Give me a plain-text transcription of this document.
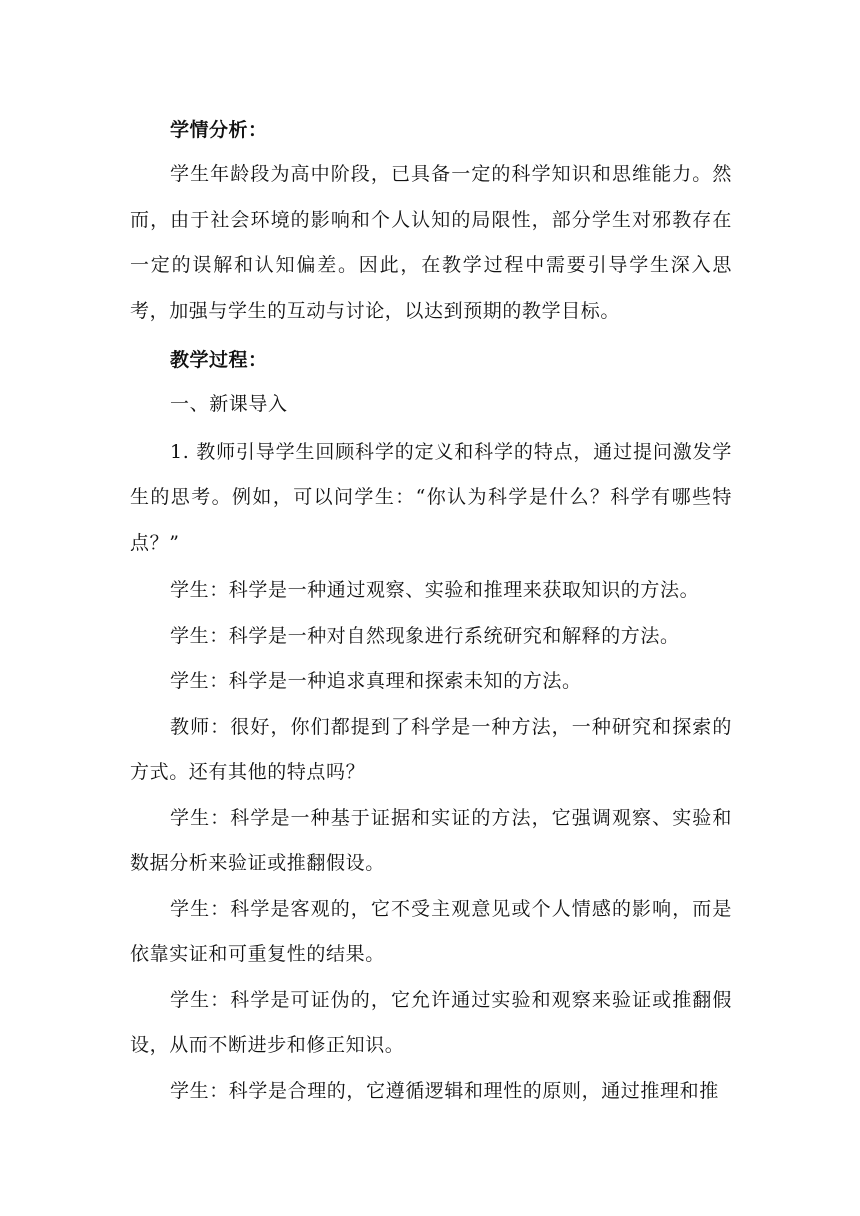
学情分析：

学生年龄段为高中阶段，已具备一定的科学知识和思维能力。然而，由于社会环境的影响和个人认知的局限性，部分学生对邪教存在一定的误解和认知偏差。因此，在教学过程中需要引导学生深入思考，加强与学生的互动与讨论，以达到预期的教学目标。

教学过程：

一、新课导入

1. 教师引导学生回顾科学的定义和科学的特点，通过提问激发学生的思考。例如，可以问学生：“你认为科学是什么？科学有哪些特点？”

学生：科学是一种通过观察、实验和推理来获取知识的方法。

学生：科学是一种对自然现象进行系统研究和解释的方法。

学生：科学是一种追求真理和探索未知的方法。

教师：很好，你们都提到了科学是一种方法，一种研究和探索的方式。还有其他的特点吗？

学生：科学是一种基于证据和实证的方法，它强调观察、实验和数据分析来验证或推翻假设。

学生：科学是客观的，它不受主观意见或个人情感的影响，而是依靠实证和可重复性的结果。

学生：科学是可证伪的，它允许通过实验和观察来验证或推翻假设，从而不断进步和修正知识。

学生：科学是合理的，它遵循逻辑和理性的原则，通过推理和推
